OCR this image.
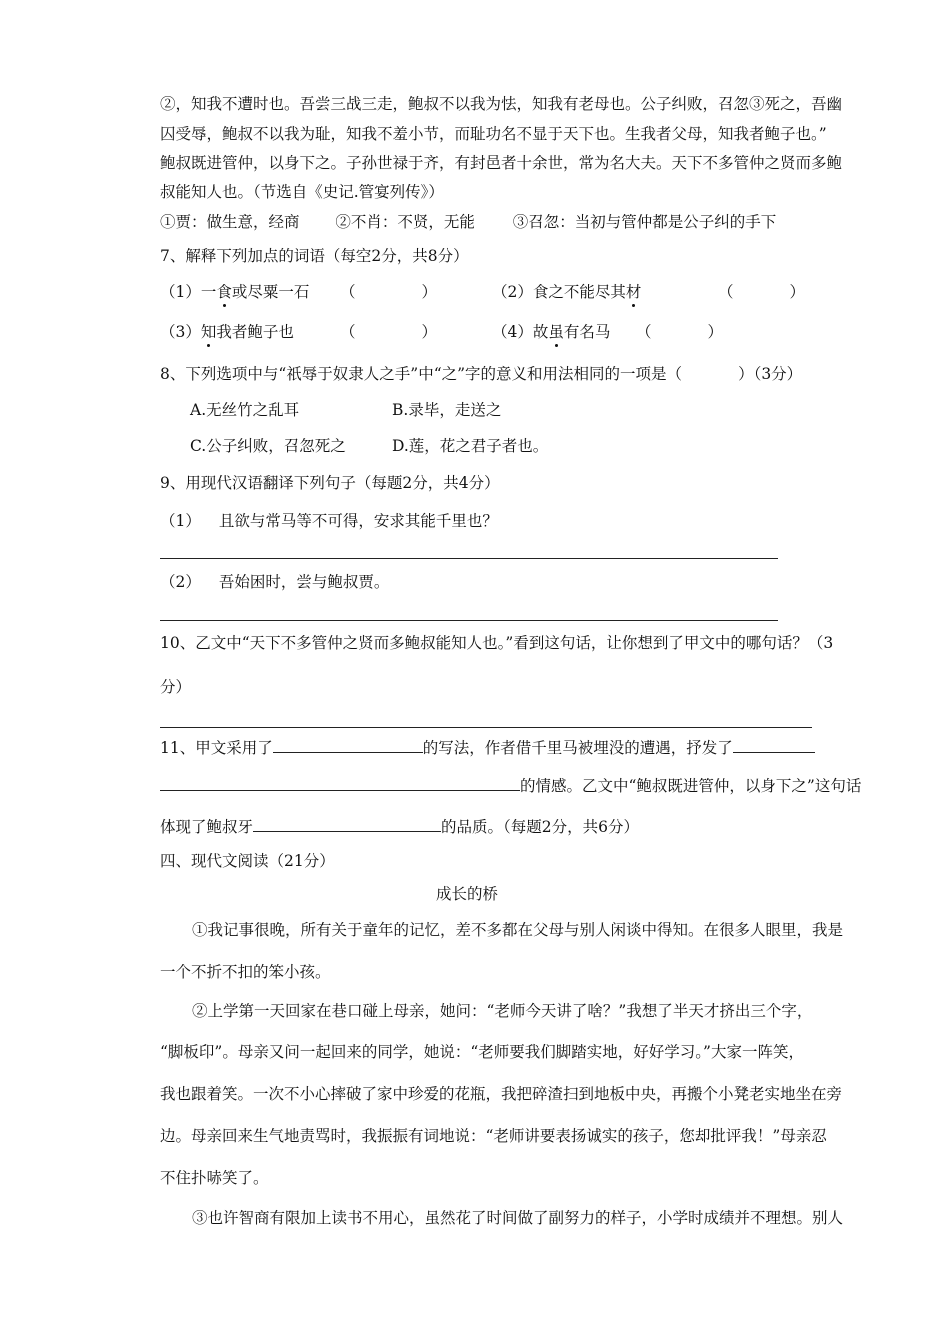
②，知我不遭时也。吾尝三战三走，鲍叔不以我为怯，知我有老母也。公子纠败，召忽③死之，吾幽
囚受辱，鲍叔不以我为耻，知我不羞小节，而耻功名不显于天下也。生我者父母，知我者鲍子也。”
鲍叔既进管仲，以身下之。子孙世禄于齐，有封邑者十余世，常为名大夫。天下不多管仲之贤而多鲍
叔能知人也。（节选自《史记.管宴列传》）
①贾：做生意，经商 ②不肖：不贤，无能 ③召忽：当初与管仲都是公子纠的手下
7、解释下列加点的词语（每空2分，共8分）
（1）一食或尽粟一石 （	）	（2）食之不能尽其材	（	）
（3）知我者鲍子也	（	）	（4）故虽有名马 （	）
8、下列选项中与“祇辱于奴隶人之手”中“之”字的意义和用法相同的一项是（	）（3分）
A.无丝竹之乱耳	B.录毕，走送之
C.公子纠败，召忽死之	D.莲，花之君子者也。
9、用现代汉语翻译下列句子（每题2分，共4分）
（1） 且欲与常马等不可得，安求其能千里也？
（2） 吾始困时，尝与鲍叔贾。
10、乙文中“天下不多管仲之贤而多鲍叔能知人也。”看到这句话，让你想到了甲文中的哪句话？（3
分）
11、甲文采用了	的写法，作者借千里马被埋没的遭遇，抒发了
的情感。乙文中“鲍叔既进管仲，以身下之”这句话
体现了鲍叔牙	的品质。（每题2分，共6分）
四、现代文阅读（21分）
成长的桥
①我记事很晚，所有关于童年的记忆，差不多都在父母与别人闲谈中得知。在很多人眼里，我是
一个不折不扣的笨小孩。
②上学第一天回家在巷口碰上母亲，她问：“老师今天讲了啥？”我想了半天才挤出三个字，
“脚板印”。母亲又问一起回来的同学，她说：“老师要我们脚踏实地，好好学习。”大家一阵笑，
我也跟着笑。一次不小心摔破了家中珍爱的花瓶，我把碎渣扫到地板中央，再搬个小凳老实地坐在旁
边。母亲回来生气地责骂时，我振振有词地说：“老师讲要表扬诚实的孩子，您却批评我！”母亲忍
不住扑哧笑了。
③也许智商有限加上读书不用心，虽然花了时间做了副努力的样子，小学时成绩并不理想。别人
